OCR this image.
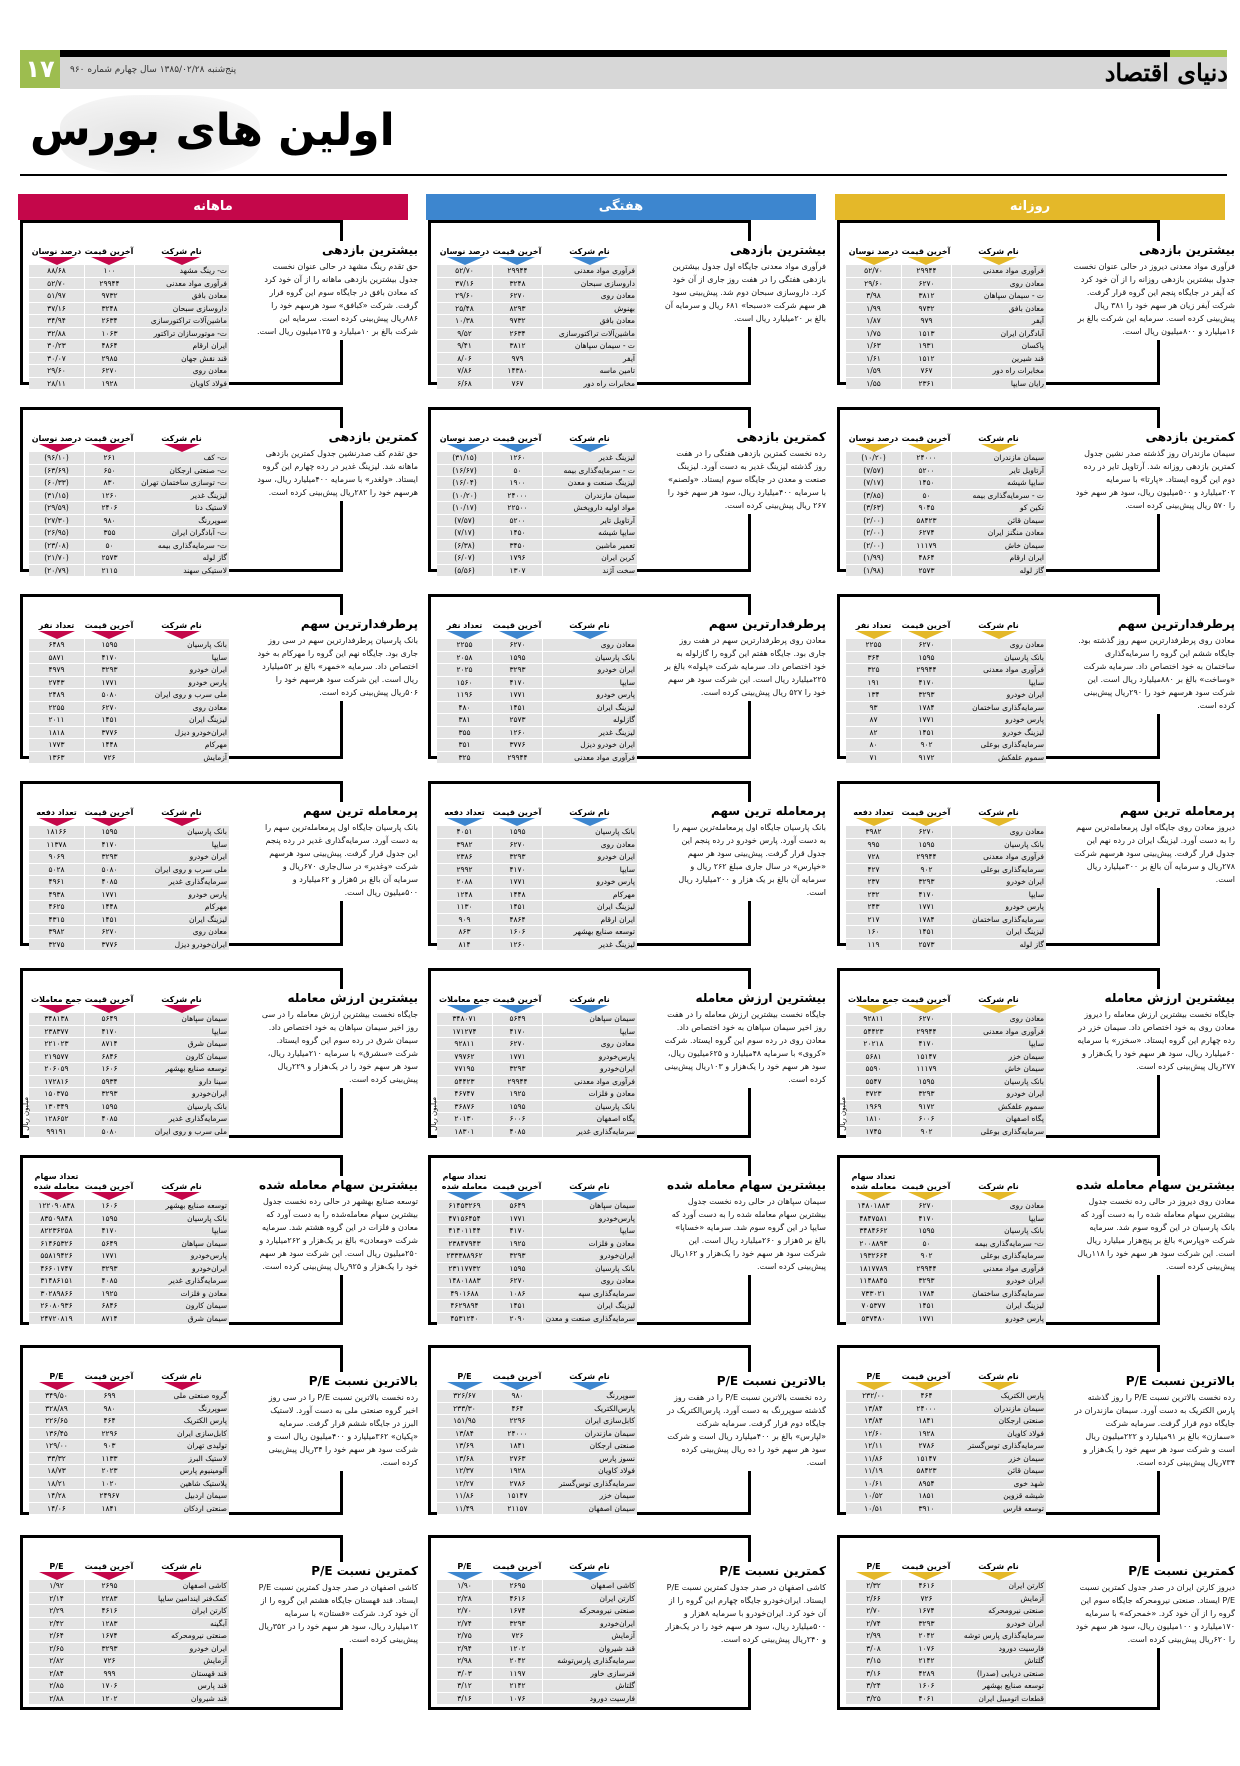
۱۷	پنج‌شنبه ۱۳۸۵/۰۲/۲۸ سال چهارم شماره ۹۶۰	دنیای اقتصاد
اولین های بورس
روزانه
نام شرکت
آخرین قیمت
درصد نوسان
فرآوری مواد معدنی
۲۹۹۴۴
۵۲/۷۰
معادن روی
۶۲۷۰
۲۹/۶۰
ت - سیمان سپاهان
۳۸۱۲
۳/۹۸
معادن بافق
۹۷۳۲
۱/۹۹
آیفر
۹۷۹
۱/۸۷
آبادگران ایران
۱۵۱۳
۱/۷۵
پاکسان
۱۹۳۱
۱/۶۳
قند شیرین
۱۵۱۲
۱/۶۱
مخابرات راه دور
۷۶۷
۱/۵۹
رایان سایپا
۲۳۶۱
۱/۵۵
بیشترین بازدهی

فرآوری مواد معدنی دیروز در حالی عنوان نخست جدول بیشترین بازدهی روزانه را از آن خود کرد که آیفر در جایگاه پنجم این گروه قرار گرفت. شرکت آیفر زیان هر سهم خود را ۳۸۱ ریال پیش‌بینی کرده است. سرمایه این شرکت بالغ بر ۱۶میلیارد و ۸۰۰میلیون ریال است.

نام شرکت
آخرین قیمت
درصد نوسان
سیمان مازندران
۲۴۰۰۰
(۱۰/۲۰)
آرتاویل تایر
۵۲۰۰
(۷/۵۷)
سایپا شیشه
۱۴۵۰
(۷/۱۷)
ت - سرمایه‌گذاری بیمه
۵۰
(۳/۸۵)
تکین کو
۹۰۴۵
(۳/۶۳)
سیمان قائن
۵۸۴۲۳
(۲/۰۰)
معادن منگنز ایران
۶۲۷۴
(۲/۰۰)
سیمان خاش
۱۱۱۷۹
(۲/۰۰)
ایران ارقام
۴۸۶۴
(۱/۹۹)
گاز لوله
۲۵۷۳
(۱/۹۸)
کمترین بازدهی

سیمان مازندران روز گذشته صدر نشین جدول کمترین بازدهی روزانه شد. آرتاویل تایر در رده دوم این گروه ایستاد. «پارتا» با سرمایه ۲۰۲میلیارد و ۵۰۰میلیون ریال، سود هر سهم خود را ۵۷۰ ریال پیش‌بینی کرده است.

نام شرکت
آخرین قیمت
تعداد نفر
معادن روی
۶۲۷۰
۲۲۵۵
بانک پارسیان
۱۵۹۵
۳۶۴
فرآوری مواد معدنی
۲۹۹۴۴
۳۲۵
سایپا
۴۱۷۰
۱۹۱
ایران خودرو
۳۲۹۳
۱۳۴
سرمایه‌گذاری ساختمان
۱۷۸۴
۹۳
پارس خودرو
۱۷۷۱
۸۷
لیزینگ خودرو
۱۴۵۱
۸۲
سرمایه‌گذاری بوعلی
۹۰۲
۸۰
سموم علفکش
۹۱۷۲
۷۱
پرطرفدارترین سهم

معادن روی پرطرفدارترین سهم روز گذشته بود. جایگاه ششم این گروه را سرمایه‌گذاری ساختمان به خود اختصاص داد. سرمایه شرکت «وساخت» بالغ بر ۸۸۰میلیارد ریال است. این شرکت سود هرسهم خود را ۲۹۰ریال پیش‌بینی کرده است.

نام شرکت
آخرین قیمت
تعداد دفعه
معادن روی
۶۲۷۰
۳۹۸۲
بانک پارسیان
۱۵۹۵
۹۹۵
فرآوری مواد معدنی
۲۹۹۴۴
۷۲۸
سرمایه‌گذاری بوعلی
۹۰۲
۴۲۷
ایران خودرو
۳۲۹۳
۲۳۷
سایپا
۴۱۷۰
۲۳۲
پارس خودرو
۱۷۷۱
۲۴۳
سرمایه‌گذاری ساختمان
۱۷۸۴
۲۱۷
لیزینگ ایران
۱۴۵۱
۱۶۰
گاز لوله
۲۵۷۳
۱۱۹
پرمعامله ترین سهم

دیروز معادن روی جایگاه اول پرمعامله‌ترین سهم را به دست آورد. لیزینگ ایران در رده نهم این جدول قرار گرفت. پیش‌بینی سود هرسهم شرکت ۲۷۸ریال و سرمایه آن بالغ بر ۳۰۰میلیارد ریال است.

نام شرکت
آخرین قیمت
جمع معاملات
معادن روی
۶۲۷۰
۹۲۸۱۱
فرآوری مواد معدنی
۲۹۹۴۴
۵۴۴۲۳
سایپا
۴۱۷۰
۲۰۲۱۸
سیمان خزر
۱۵۱۴۷
۵۶۸۱
سیمان خاش
۱۱۱۷۹
۵۵۹۰
بانک پارسیان
۱۵۹۵
۵۵۴۷
ایران خودرو
۳۲۹۳
۳۷۲۳
سموم علفکش
۹۱۷۲
۱۹۶۹
پگاه اصفهان
۶۰۰۶
۱۸۱۰
سرمایه‌گذاری بوعلی
۹۰۲
۱۷۴۵
بیشترین ارزش معامله

جایگاه نخست بیشترین ارزش معامله را دیروز معادن روی به خود اختصاص داد. سیمان خزر در رده چهارم این گروه ایستاد. «سخزر» با سرمایه ۶۰میلیارد ریال، سود هر سهم خود را یک‌هزار و ۲۷۷ریال پیش‌بینی کرده است.

میلیون ریال
نام شرکت
آخرین قیمت
تعداد سهام معامله شده
معادن روی
۶۲۷۰
۱۴۸۰۱۸۸۳
سایپا
۴۱۷۰
۴۸۴۷۵۸۱
بانک پارسیان
۱۵۹۵
۳۴۸۴۶۶۲
ت- سرمایه‌گذاری بیمه
۵۰
۲۰۰۸۸۹۳
سرمایه‌گذاری بوعلی
۹۰۲
۱۹۳۲۶۶۴
فرآوری مواد معدنی
۲۹۹۴۴
۱۸۱۷۷۸۹
ایران خودرو
۳۲۹۳
۱۱۴۸۸۴۵
سرمایه‌گذاری ساختمان
۱۷۸۴
۷۳۳۰۲۱
لیزینگ ایران
۱۴۵۱
۷۰۵۳۷۷
پارس خودرو
۱۷۷۱
۵۳۷۴۸۰
بیشترین سهام معامله شده

معادن روی دیروز در حالی رده نخست جدول بیشترین سهام معامله شده را به دست آورد که بانک پارسیان در این گروه سوم شد. سرمایه شرکت «وپارس» بالغ بر پنج‌هزار میلیارد ریال است. این شرکت سود هر سهم خود را ۱۱۸ریال پیش‌بینی کرده است.

نام شرکت
آخرین قیمت
P/E
پارس الکتریک
۴۶۴
۲۳۲/۰۰
سیمان مازندران
۲۴۰۰۰
۱۳/۸۴
صنعتی ارجکان
۱۸۴۱
۱۳/۸۴
فولاد کاویان
۱۹۲۸
۱۲/۶۰
سرمایه‌گذاری توس‌گستر
۲۷۸۶
۱۲/۱۱
سیمان خزر
۱۵۱۴۷
۱۱/۸۶
سیمان قائن
۵۸۴۲۳
۱۱/۱۹
شهد خوی
۸۹۵۴
۱۰/۶۱
شیشه قزوین
۱۸۵۱
۱۰/۵۲
توسعه فارس
۳۹۱۰
۱۰/۵۱
بالاترین نسبت P/E

رده نخست بالاترین نسبت P/E را روز گذشته پارس الکتریک به دست آورد. سیمان مازندران در جایگاه دوم قرار گرفت. سرمایه شرکت «سمازن» بالغ بر ۹۱میلیارد و ۲۲۲میلیون ریال است و شرکت سود هر سهم خود را یک‌هزار و ۷۳۴ریال پیش‌بینی کرده است.

نام شرکت
آخرین قیمت
P/E
کارتن ایران
۴۶۱۶
۲/۳۲
آزمایش
۷۲۶
۲/۶۶
صنعتی نیرومحرکه
۱۶۷۴
۲/۷۰
ایران خودرو
۳۲۹۳
۲/۷۴
سرمایه‌گذاری پارس توشه
۲۰۴۲
۲/۹۹
فارسیت دورود
۱۰۷۶
۳/۰۸
گلتاش
۲۱۴۲
۳/۱۵
صنعتی دریایی (صدرا)
۴۲۸۹
۳/۱۶
توسعه صنایع بهشهر
۱۶۰۶
۳/۲۴
قطعات اتومبیل ایران
۴۰۶۱
۳/۲۵
کمترین نسبت P/E

دیروز کارتن ایران در صدر جدول کمترین نسبت P/E ایستاد. صنعتی نیرومحرکه جایگاه سوم این گروه را از آن خود کرد. «خمحرکه» با سرمایه ۱۷۰میلیارد و ۱۰۰میلیون ریال، سود هر سهم خود را ۶۲۰ریال پیش‌بینی کرده است.

هفتگی
نام شرکت
آخرین قیمت
درصد نوسان
فرآوری مواد معدنی
۲۹۹۴۴
۵۲/۷۰
داروسازی سبحان
۳۲۴۸
۳۷/۱۶
معادن روی
۶۲۷۰
۲۹/۶۰
بهنوش
۸۲۹۳
۲۵/۴۸
معادن بافق
۹۷۳۲
۱۰/۳۸
ماشین‌آلات تراکتورسازی
۲۶۳۴
۹/۵۲
ت - سیمان سپاهان
۳۸۱۲
۹/۴۱
آیفر
۹۷۹
۸/۰۶
تامین ماسه
۱۴۳۸۰
۷/۸۶
مخابرات راه دور
۷۶۷
۶/۶۸
بیشترین بازدهی

فرآوری مواد معدنی جایگاه اول جدول بیشترین بازدهی هفتگی را در هفت روز جاری از آن خود کرد. داروسازی سبحان دوم شد. پیش‌بینی سود هر سهم شرکت «دسبحا» ۶۸۱ ریال و سرمایه آن بالغ بر ۲۰میلیارد ریال است.

نام شرکت
آخرین قیمت
درصد نوسان
لیزینگ غدیر
۱۲۶۰
(۳۱/۱۵)
ت - سرمایه‌گذاری بیمه
۵۰
(۱۶/۶۷)
لیزینگ صنعت و معدن
۱۹۰۰
(۱۶/۰۴)
سیمان مازندران
۲۴۰۰۰
(۱۰/۲۰)
مواد اولیه داروپخش
۲۲۵۰۰
(۱۰/۱۷)
آرتاویل تایر
۵۲۰۰
(۷/۵۷)
سایپا شیشه
۱۴۵۰
(۷/۱۷)
تعمیر ماشین
۳۴۵۰
(۶/۳۸)
کربن ایران
۱۷۹۶
(۶/۰۷)
سخت آژند
۱۳۰۷
(۵/۵۶)
کمترین بازدهی

رده نخست کمترین بازدهی هفتگی را در هفت روز گذشته لیزینگ غدیر به دست آورد. لیزینگ صنعت و معدن در جایگاه سوم ایستاد. «ولصنم» با سرمایه ۴۰۰میلیارد ریال، سود هر سهم خود را ۲۶۷ ریال پیش‌بینی کرده است.

نام شرکت
آخرین قیمت
تعداد نفر
معادن روی
۶۲۷۰
۲۲۵۵
بانک پارسیان
۱۵۹۵
۲۰۵۸
ایران خودرو
۳۲۹۳
۲۰۲۵
سایپا
۴۱۷۰
۱۵۶۰
پارس خودرو
۱۷۷۱
۱۱۹۶
لیزینگ ایران
۱۴۵۱
۴۸۰
گازلوله
۲۵۷۳
۳۸۱
لیزینگ غدیر
۱۲۶۰
۳۵۵
ایران خودرو دیزل
۳۷۷۶
۳۵۱
فرآوری مواد معدنی
۲۹۹۴۴
۳۲۵
پرطرفدارترین سهم

معادن روی پرطرفدارترین سهم در هفت روز جاری بود. جایگاه هفتم این گروه را گازلوله به خود اختصاص داد. سرمایه شرکت «پلوله» بالغ بر ۲۲۵میلیارد ریال است. این شرکت سود هر سهم خود را ۵۲۷ ریال پیش‌بینی کرده است.

نام شرکت
آخرین قیمت
تعداد دفعه
بانک پارسیان
۱۵۹۵
۴۰۵۱
معادن روی
۶۲۷۰
۳۹۸۲
ایران خودرو
۳۲۹۳
۲۳۸۶
سایپا
۴۱۷۰
۲۹۹۲
پارس خودرو
۱۷۷۱
۲۰۸۸
مهرکام
۱۴۴۸
۱۲۴۸
لیزینگ ایران
۱۴۵۱
۱۱۳۰
ایران ارقام
۴۸۶۴
۹۰۹
توسعه صنایع بهشهر
۱۶۰۶
۸۶۳
لیزینگ غدیر
۱۲۶۰
۸۱۴
پرمعامله ترین سهم

بانک پارسیان جایگاه اول پرمعامله‌ترین سهم را به دست آورد. پارس خودرو در رده پنجم این جدول قرار گرفت. پیش‌بینی سود هر سهم «خپارس» در سال جاری مبلغ ۲۶۲ ریال و سرمایه آن بالغ بر یک هزار و ۲۰۰میلیارد ریال است.

نام شرکت
آخرین قیمت
جمع معاملات
سیمان سپاهان
۵۶۴۹
۳۴۸۰۷۱
سایپا
۴۱۷۰
۱۷۱۲۷۴
معادن روی
۶۲۷۰
۹۲۸۱۱
پارس‌خودرو
۱۷۷۱
۷۹۷۶۲
ایران‌خودرو
۳۲۹۳
۷۷۱۹۵
فرآوری مواد معدنی
۲۹۹۴۴
۵۴۴۲۳
معادن و فلزات
۱۹۲۵
۴۶۷۴۷
بانک پارسیان
۱۵۹۵
۳۶۸۷۶
پگاه اصفهان
۶۰۰۶
۲۰۱۳۰
سرمایه‌گذاری غدیر
۴۰۸۵
۱۸۳۰۱
بیشترین ارزش معامله

جایگاه نخست بیشترین ارزش معامله را در هفت روز اخیر سیمان سپاهان به خود اختصاص داد. معادن روی در رده سوم این گروه ایستاد. شرکت «کروی» با سرمایه ۴۸میلیارد و ۶۲۵میلیون ریال، سود هر سهم خود را یک‌هزار و ۱۰۳ریال پیش‌بینی کرده است.

میلیون ریال
نام شرکت
آخرین قیمت
تعداد سهام معامله شده
سیمان سپاهان
۵۶۴۹
۶۱۴۵۳۲۶۹
پارس‌خودرو
۱۷۷۱
۴۷۱۵۶۴۵۴
سایپا
۴۱۷۰
۴۱۴۰۱۱۴۴
معادن و فلزات
۱۹۲۵
۲۳۸۴۷۹۴۳
ایران‌خودرو
۳۲۹۳
۲۳۳۳۸۸۹۶۲
بانک پارسیان
۱۵۹۵
۲۳۱۱۷۷۳۲
معادن روی
۶۲۷۰
۱۴۸۰۱۸۸۳
سرمایه‌گذاری سپه
۱۰۸۶
۴۹۰۱۶۸۸
لیزینگ ایران
۱۴۵۱
۴۶۲۹۸۹۴
سرمایه‌گذاری صنعت و معدن
۲۰۹۰
۴۵۳۱۲۴۰
بیشترین سهام معامله شده

سیمان سپاهان در حالی رده نخست جدول بیشترین سهام معامله شده را به دست آورد که سایپا در این گروه سوم شد. سرمایه «خساپا» بالغ بر ۵هزار و ۲۶۰میلیارد ریال است. این شرکت سود هر سهم خود را یک‌هزار و ۱۶۲ریال پیش‌بینی کرده است.

نام شرکت
آخرین قیمت
P/E
سوپررنگ
۹۸۰
۳۲۶/۶۷
پارس‌الکتریک
۴۶۴
۲۳۳/۳۰
کابل‌سازی ایران
۲۲۹۶
۱۵۱/۹۵
سیمان مازندران
۲۴۰۰۰
۱۳/۸۴
صنعتی ارجکان
۱۸۴۱
۱۳/۶۹
نسوز پارس
۲۷۶۳
۱۳/۶۸
فولاد کاویان
۱۹۲۸
۱۲/۳۷
سرمایه‌گذاری توس‌گستر
۲۷۸۶
۱۲/۲۷
سیمان خزر
۱۵۱۴۷
۱۱/۸۶
سیمان اصفهان
۲۱۱۵۷
۱۱/۴۹
بالاترین نسبت P/E

رده نخست بالاترین نسبت P/E را در هفت روز گذشته سوپررنگ به دست آورد. پارس‌الکتریک در جایگاه دوم قرار گرفت. سرمایه شرکت «لپارس» بالغ بر ۴۰۰میلیارد ریال است و شرکت سود هر سهم خود را ده ریال پیش‌بینی کرده است.

نام شرکت
آخرین قیمت
P/E
کاشی اصفهان
۲۶۹۵
۱/۹۰
کارتن ایران
۴۶۱۶
۲/۲۸
صنعتی نیرومحرکه
۱۶۷۴
۲/۷۰
ایران‌خودرو
۳۲۹۳
۲/۷۴
آزمایش
۷۲۶
۲/۷۵
قند شیروان
۱۲۰۲
۲/۹۴
سرمایه‌گذاری پارس‌توشه
۲۰۴۲
۲/۹۸
فنرسازی خاور
۱۱۹۷
۳/۰۳
گلتاش
۲۱۴۲
۳/۱۲
فارسیت دورود
۱۰۷۶
۳/۱۶
کمترین نسبت P/E

کاشی اصفهان در صدر جدول کمترین نسبت P/E ایستاد. ایران‌خودرو جایگاه چهارم این گروه را از آن خود کرد. ایران‌خودرو با سرمایه ۸هزار و ۵۰۰میلیارد ریال، سود هر سهم خود را در یک‌هزار و ۲۴۰ریال پیش‌بینی کرده است.

ماهانه
نام شرکت
آخرین قیمت
درصد نوسان
ت- رینگ مشهد
۱۰۰
۸۸/۶۸
فرآوری مواد معدنی
۲۹۹۴۴
۵۲/۷۰
معادن بافق
۹۷۳۲
۵۱/۹۷
داروسازی سبحان
۳۲۴۸
۳۷/۱۶
ماشین‌آلات تراکتورسازی
۲۶۳۴
۳۴/۹۴
ت- موتورسازان تراکتور
۱۰۶۳
۳۲/۸۸
ایران ارقام
۴۸۶۴
۳۰/۲۳
قند نقش جهان
۲۹۸۵
۳۰/۰۷
معادن روی
۶۲۷۰
۲۹/۶۰
فولاد کاویان
۱۹۲۸
۲۸/۱۱
بیشترین بازدهی

حق تقدم رینگ مشهد در حالی عنوان نخست جدول بیشترین بازدهی ماهانه را از آن خود کرد که معادن بافق در جایگاه سوم این گروه قرار گرفت. شرکت «کبافق» سود هرسهم خود را ۸۸۶ریال پیش‌بینی کرده است. سرمایه این شرکت بالغ بر ۱۰میلیارد و ۱۲۵میلیون ریال است.

نام شرکت
آخرین قیمت
درصد نوسان
ت- کف
۲۶۱
(۹۶/۱۰)
ت- صنعتی ارجکان
۶۵۰
(۶۳/۶۹)
ت- توسازی ساختمان تهران
۸۳۰
(۶۰/۳۳)
لیزینگ غدیر
۱۲۶۰
(۳۱/۱۵)
لاستیک دنا
۲۴۰۶
(۲۹/۵۹)
سوپررنگ
۹۸۰
(۲۷/۳۰)
ت- آبادگران ایران
۳۵۵
(۲۶/۹۵)
ت- سرمایه‌گذاری بیمه
۵۰
(۲۳/۰۸)
گاز لوله
۲۵۷۳
(۲۱/۷۰)
لاستیکی سهند
۲۱۱۵
(۲۰/۷۹)
کمترین بازدهی

حق تقدم کف صدرنشین جدول کمترین بازدهی ماهانه شد. لیزینگ غدیر در رده چهارم این گروه ایستاد. «ولغدر» با سرمایه ۴۰۰میلیارد ریال، سود هرسهم خود را ۲۸۲ریال پیش‌بینی کرده است.

نام شرکت
آخرین قیمت
تعداد نفر
بانک پارسیان
۱۵۹۵
۶۴۸۹
سایپا
۴۱۷۰
۵۸۷۱
ایران خودرو
۳۲۹۳
۴۹۷۹
پارس خودرو
۱۷۷۱
۲۷۴۳
ملی سرب و روی ایران
۵۰۸۰
۲۴۸۹
معادن روی
۶۲۷۰
۲۲۵۵
لیزینگ ایران
۱۴۵۱
۲۰۱۱
ایران‌خودرو دیزل
۳۷۷۶
۱۸۱۸
مهرکام
۱۴۴۸
۱۷۷۳
آزمایش
۷۲۶
۱۳۶۳
پرطرفدارترین سهم

بانک پارسیان پرطرفدارترین سهم در سی روز جاری بود. جایگاه نهم این گروه را مهرکام به خود اختصاص داد. سرمایه «خمهر» بالغ بر ۵۲میلیارد ریال است. این شرکت سود هرسهم خود را ۵۰۶ریال پیش‌بینی کرده است.

نام شرکت
آخرین قیمت
تعداد دفعه
بانک پارسیان
۱۵۹۵
۱۸۱۶۶
سایپا
۴۱۷۰
۱۱۳۷۸
ایران خودرو
۳۲۹۳
۹۰۶۹
ملی سرب و روی ایران
۵۰۸۰
۵۰۲۸
سرمایه‌گذاری غدیر
۴۰۸۵
۴۹۶۱
پارس خودرو
۱۷۷۱
۴۹۳۸
مهرکام
۱۴۴۸
۴۶۲۵
لیزینگ ایران
۱۴۵۱
۴۳۱۵
معادن روی
۶۲۷۰
۳۹۸۲
ایران‌خودرو دیزل
۳۷۷۶
۳۲۷۵
پرمعامله ترین سهم

بانک پارسیان جایگاه اول پرمعامله‌ترین سهم را به دست آورد. سرمایه‌گذاری غدیر در رده پنجم این جدول قرار گرفت. پیش‌بینی سود هرسهم شرکت «وغدیر» در سال‌جاری ۶۷۰ریال و سرمایه آن بالغ بر ۵هزار و ۶۲میلیارد و ۵۰۰میلیون ریال است.

نام شرکت
آخرین قیمت
جمع معاملات
سیمان سپاهان
۵۶۴۹
۳۴۸۱۳۸
سایپا
۴۱۷۰
۲۳۸۳۷۷
سیمان شرق
۸۷۱۴
۲۲۱۰۲۳
سیمان کارون
۶۸۴۶
۲۱۹۵۷۷
توسعه صنایع بهشهر
۱۶۰۶
۲۰۶۰۵۹
سینا دارو
۵۹۳۴
۱۷۲۸۱۶
ایران‌خودرو
۳۲۹۳
۱۵۰۳۷۵
بانک پارسیان
۱۵۹۵
۱۳۰۳۴۹
سرمایه‌گذاری غدیر
۴۰۸۵
۱۲۸۶۵۲
ملی سرب و روی ایران
۵۰۸۰
۹۹۱۹۱
بیشترین ارزش معامله

جایگاه نخست بیشترین ارزش معامله را در سی روز اخیر سیمان سپاهان به خود اختصاص داد. سیمان شرق در رده سوم این گروه ایستاد. شرکت «سشرق» با سرمایه ۲۱۰میلیارد ریال، سود هر سهم خود را در یک‌هزار و ۲۲۹ریال پیش‌بینی کرده است.

میلیون ریال
نام شرکت
آخرین قیمت
تعداد سهام معامله شده
توسعه صنایع بهشهر
۱۶۰۶
۱۲۲۰۹۰۸۳۸
بانک پارسیان
۱۵۹۵
۸۳۵۰۹۸۴۸
سایپا
۴۱۷۰
۸۲۲۳۶۲۵۸
سیمان سپاهان
۵۶۴۹
۶۱۴۶۵۳۲۶
پارس‌خودرو
۱۷۷۱
۵۵۸۱۹۴۲۶
ایران‌خودرو
۳۲۹۳
۴۶۶۰۱۷۴۷
سرمایه‌گذاری غدیر
۴۰۸۵
۳۱۴۸۶۱۵۱
معادن و فلزات
۱۹۲۵
۳۰۲۸۹۸۶۶
سیمان کارون
۶۸۴۶
۲۶۰۸۰۹۳۶
سیمان شرق
۸۷۱۴
۲۴۷۲۰۸۱۹
بیشترین سهام معامله شده

توسعه صنایع بهشهر در حالی رده نخست جدول بیشترین سهام معامله‌شده را به دست آورد که معادن و فلزات در این گروه هشتم شد. سرمایه شرکت «ومعادن» بالغ بر یک‌هزار و ۲۶۲میلیارد و ۲۵۰میلیون ریال است. این شرکت سود هر سهم خود را یک‌هزار و ۹۲۵ریال پیش‌بینی کرده است.

نام شرکت
آخرین قیمت
P/E
گروه صنعتی ملی
۶۹۹
۳۴۹/۵۰
سوپررنگ
۹۸۰
۳۲۸/۸۹
پارس الکتریک
۴۶۴
۲۲۶/۶۵
کابل‌سازی ایران
۲۲۹۶
۱۳۶/۴۵
تولیدی تهران
۹۰۳
۱۲۹/۰۰
لاستیک البرز
۱۱۳۳
۳۳/۳۲
آلومینیوم پارس
۲۰۲۳
۱۸/۷۳
پلاستیک شاهین
۱۰۲۰
۱۸/۲۱
سیمان اردبیل
۲۴۹۶۷
۱۴/۲۸
صنعتی اردکان
۱۸۴۱
۱۴/۰۶
بالاترین نسبت P/E

رده نخست بالاترین نسبت P/E را در سی روز اخیر گروه صنعتی ملی به دست آورد. لاستیک البرز در جایگاه ششم قرار گرفت. سرمایه «پکیان» ۳۶۲میلیارد و ۴۰۰میلیون ریال است و شرکت سود هر سهم خود را ۳۴ریال پیش‌بینی کرده است.

نام شرکت
آخرین قیمت
P/E
کاشی اصفهان
۲۶۹۵
۱/۹۲
کمک‌فنر ایندامین سایپا
۲۲۸۳
۲/۱۴
کارتن ایران
۴۶۱۶
۲/۲۹
آبگینه
۱۲۸۳
۲/۴۲
صنعتی نیرومحرکه
۱۶۷۴
۲/۶۴
ایران خودرو
۳۲۹۳
۲/۶۵
آزمایش
۷۲۶
۲/۸۲
قند قهستان
۹۹۹
۲/۸۴
قند پارس
۱۷۰۶
۲/۸۵
قند شیروان
۱۲۰۲
۲/۸۸
کمترین نسبت P/E

کاشی اصفهان در صدر جدول کمترین نسبت P/E ایستاد. قند قهستان جایگاه هشتم این گروه را از آن خود کرد. شرکت «قستان» با سرمایه ۱۲میلیارد ریال، سود هر سهم خود را در ۳۵۲ریال پیش‌بینی کرده است.
